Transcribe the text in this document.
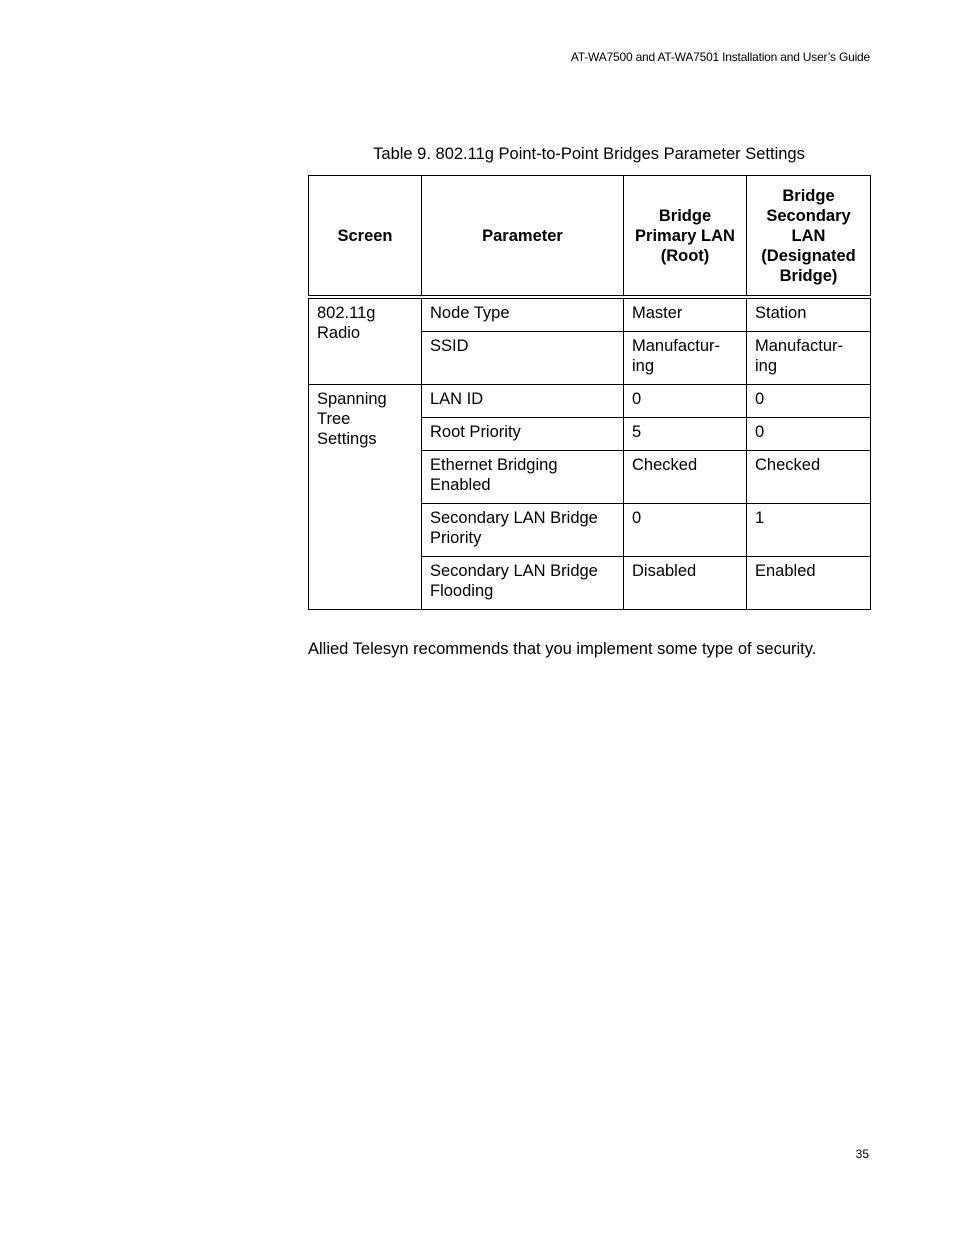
AT-WA7500 and AT-WA7501 Installation and User’s Guide
Table 9. 802.11g Point-to-Point Bridges Parameter Settings
Screen	Parameter	Bridge Primary LAN (Root)	Bridge Secondary LAN (Designated Bridge)
802.11g Radio	Node Type	Master	Station
	SSID	Manufactur- ing	Manufactur- ing
Spanning Tree Settings	LAN ID	0	0
	Root Priority	5	0
	Ethernet Bridging Enabled	Checked	Checked
	Secondary LAN Bridge Priority	0	1
	Secondary LAN Bridge Flooding	Disabled	Enabled

Allied Telesyn recommends that you implement some type of security.

35
